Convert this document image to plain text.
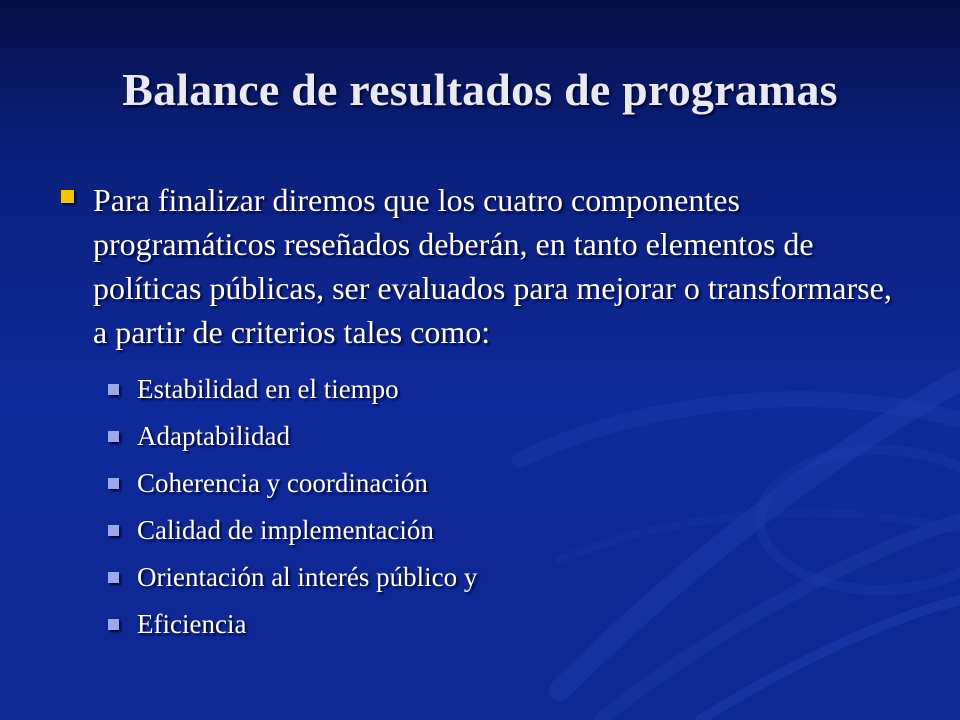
Balance de resultados de programas
Para finalizar diremos que los cuatro componentes programáticos reseñados deberán, en tanto elementos de políticas públicas, ser evaluados para mejorar o transformarse, a partir de criterios tales como:
Estabilidad en el tiempo
Adaptabilidad
Coherencia y coordinación
Calidad de implementación
Orientación al interés público y
Eficiencia
